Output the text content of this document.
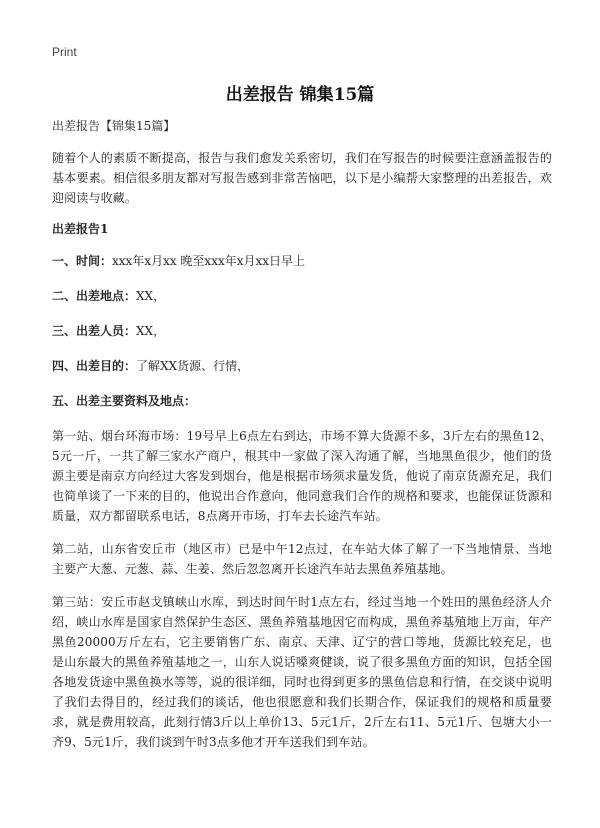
Print
出差报告 锦集15篇
出差报告【锦集15篇】

随着个人的素质不断提高，报告与我们愈发关系密切，我们在写报告的时候要注意涵盖报告的基本要素。相信很多朋友都对写报告感到非常苦恼吧，以下是小编帮大家整理的出差报告，欢迎阅读与收藏。

出差报告1
一、时间：xxx年x月xx 晚至xxx年x月xx日早上
二、出差地点：XX，
三、出差人员：XX，
四、出差目的：了解XX货源、行情，
五、出差主要资料及地点：

第一站、烟台环海市场：19号早上6点左右到达，市场不算大货源不多，3斤左右的黑鱼12、5元一斤，一共了解三家水产商户，根其中一家做了深入沟通了解，当地黑鱼很少，他们的货源主要是南京方向经过大客发到烟台，他是根据市场须求量发货，他说了南京货源充足，我们也简单谈了一下来的目的，他说出合作意向，他同意我们合作的规格和要求，也能保证货源和质量，双方都留联系电话，8点离开市场，打车去长途汽车站。

第二站，山东省安丘市（地区市）已是中午12点过，在车站大体了解了一下当地情景、当地主要产大葱、元葱、蒜、生姜、然后忽忽离开长途汽车站去黑鱼养殖基地。

第三站：安丘市赵戈镇峡山水库，到达时间午时1点左右，经过当地一个姓田的黑鱼经济人介绍，峡山水库是国家自然保护生态区、黑鱼养殖基地因它而构成，黑鱼养基殖地上万亩，年产黑鱼20000万斤左右，它主要销售广东、南京、天津、辽宁的营口等地，货源比较充足，也是山东最大的黑鱼养殖基地之一，山东人说话嗓爽健谈，说了很多黑鱼方面的知识，包括全国各地发货途中黑鱼换水等等，说的很详细，同时也得到更多的黑鱼信息和行情，在交谈中说明了我们去得目的，经过我们的谈话，他也很愿意和我们长期合作，保证我们的规格和质量要求，就是费用较高，此刻行情3斤以上单价13、5元1斤，2斤左右11、5元1斤、包塘大小一齐9、5元1斤，我们谈到午时3点多他才开车送我们到车站。
